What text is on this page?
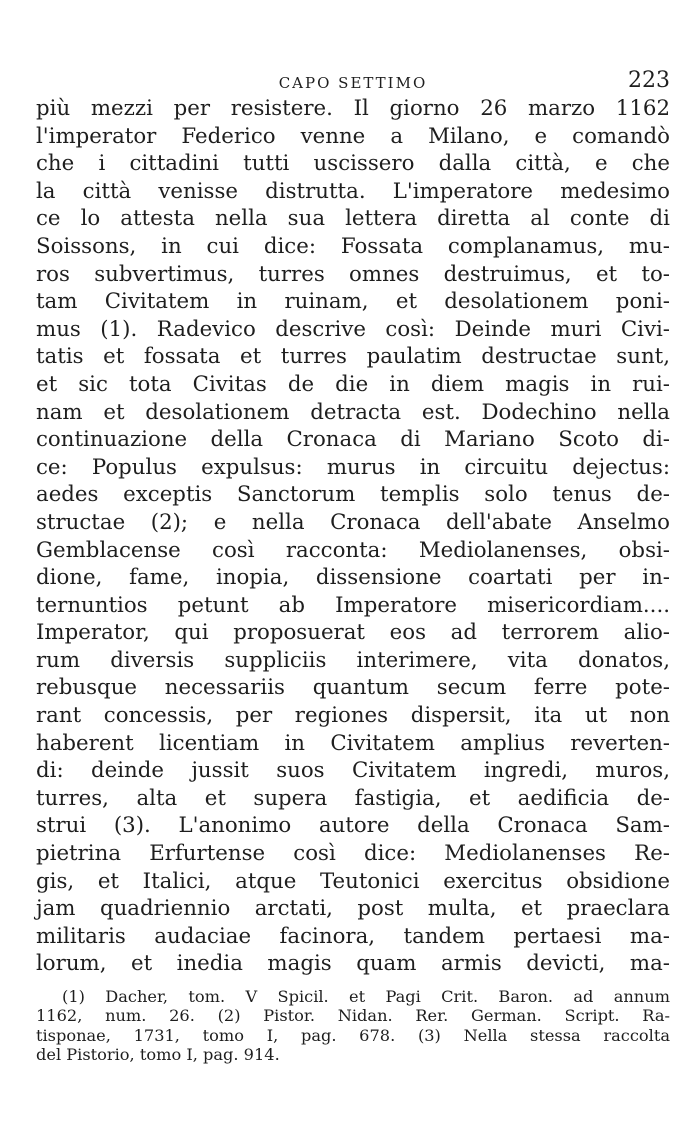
CAPO SETTIMO	223
più mezzi per resistere. Il giorno 26 marzo 1162
l'imperator Federico venne a Milano, e comandò
che i cittadini tutti uscissero dalla città, e che
la città venisse distrutta. L'imperatore medesimo
ce lo attesta nella sua lettera diretta al conte di
Soissons, in cui dice: Fossata complanamus, mu-
ros subvertimus, turres omnes destruimus, et to-
tam Civitatem in ruinam, et desolationem poni-
mus (1). Radevico descrive così: Deinde muri Civi-
tatis et fossata et turres paulatim destructae sunt,
et sic tota Civitas de die in diem magis in rui-
nam et desolationem detracta est. Dodechino nella
continuazione della Cronaca di Mariano Scoto di-
ce: Populus expulsus: murus in circuitu dejectus:
aedes exceptis Sanctorum templis solo tenus de-
structae (2); e nella Cronaca dell'abate Anselmo
Gemblacense così racconta: Mediolanenses, obsi-
dione, fame, inopia, dissensione coartati per in-
ternuntios petunt ab Imperatore misericordiam....
Imperator, qui proposuerat eos ad terrorem alio-
rum diversis suppliciis interimere, vita donatos,
rebusque necessariis quantum secum ferre pote-
rant concessis, per regiones dispersit, ita ut non
haberent licentiam in Civitatem amplius reverten-
di: deinde jussit suos Civitatem ingredi, muros,
turres, alta et supera fastigia, et aedificia de-
strui (3). L'anonimo autore della Cronaca Sam-
pietrina Erfurtense così dice: Mediolanenses Re-
gis, et Italici, atque Teutonici exercitus obsidione
jam quadriennio arctati, post multa, et praeclara
militaris audaciae facinora, tandem pertaesi ma-
lorum, et inedia magis quam armis devicti, ma-
(1) Dacher, tom. V Spicil. et Pagi Crit. Baron. ad annum
1162, num. 26. (2) Pistor. Nidan. Rer. German. Script. Ra-
tisponae, 1731, tomo I, pag. 678. (3) Nella stessa raccolta
del Pistorio, tomo I, pag. 914.
